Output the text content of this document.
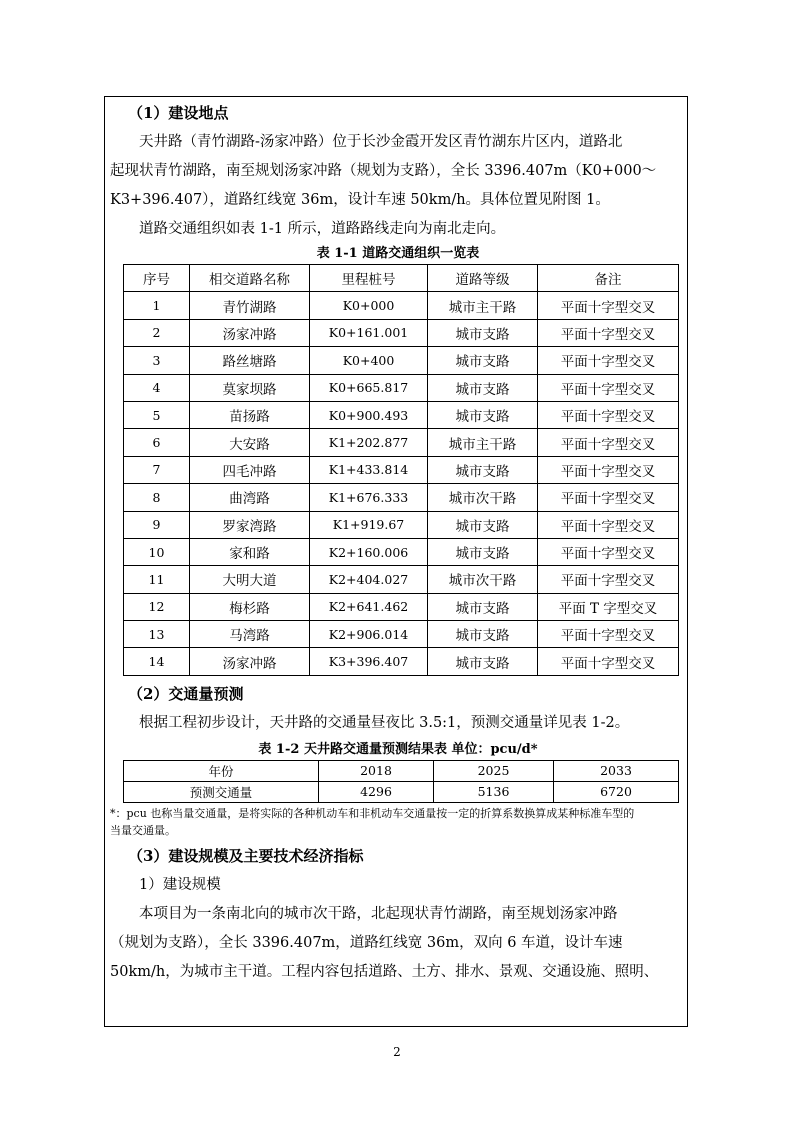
（1）建设地点
天井路（青竹湖路-汤家冲路）位于长沙金霞开发区青竹湖东片区内，道路北
起现状青竹湖路，南至规划汤家冲路（规划为支路），全长 3396.407m（K0+000～
K3+396.407），道路红线宽 36m，设计车速 50km/h。具体位置见附图 1。
道路交通组织如表 1-1 所示，道路路线走向为南北走向。
表 1-1 道路交通组织一览表
序号	相交道路名称	里程桩号	道路等级	备注
1	青竹湖路	K0+000	城市主干路	平面十字型交叉
2	汤家冲路	K0+161.001	城市支路	平面十字型交叉
3	路丝塘路	K0+400	城市支路	平面十字型交叉
4	莫家坝路	K0+665.817	城市支路	平面十字型交叉
5	苗扬路	K0+900.493	城市支路	平面十字型交叉
6	大安路	K1+202.877	城市主干路	平面十字型交叉
7	四毛冲路	K1+433.814	城市支路	平面十字型交叉
8	曲湾路	K1+676.333	城市次干路	平面十字型交叉
9	罗家湾路	K1+919.67	城市支路	平面十字型交叉
10	家和路	K2+160.006	城市支路	平面十字型交叉
11	大明大道	K2+404.027	城市次干路	平面十字型交叉
12	梅杉路	K2+641.462	城市支路	平面 T 字型交叉
13	马湾路	K2+906.014	城市支路	平面十字型交叉
14	汤家冲路	K3+396.407	城市支路	平面十字型交叉
（2）交通量预测
根据工程初步设计，天井路的交通量昼夜比 3.5:1，预测交通量详见表 1-2。
表 1-2 天井路交通量预测结果表 单位：pcu/d*
年份	2018	2025	2033
预测交通量	4296	5136	6720
*：pcu 也称当量交通量，是将实际的各种机动车和非机动车交通量按一定的折算系数换算成某种标准车型的
当量交通量。
（3）建设规模及主要技术经济指标
1）建设规模
本项目为一条南北向的城市次干路，北起现状青竹湖路，南至规划汤家冲路
（规划为支路），全长 3396.407m，道路红线宽 36m，双向 6 车道，设计车速
50km/h，为城市主干道。工程内容包括道路、土方、排水、景观、交通设施、照明、
2
